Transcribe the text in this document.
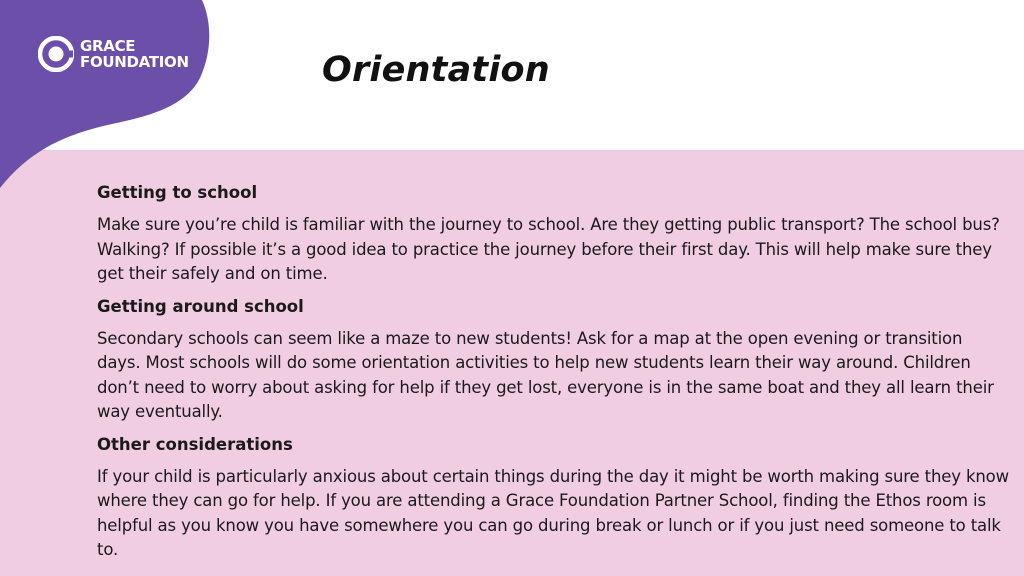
GRACE
FOUNDATION	Orientation
Getting to school

Make sure you’re child is familiar with the journey to school. Are they getting public transport? The school bus? Walking? If possible it’s a good idea to practice the journey before their first day. This will help make sure they get their safely and on time.

Getting around school

Secondary schools can seem like a maze to new students! Ask for a map at the open evening or transition days. Most schools will do some orientation activities to help new students learn their way around. Children don’t need to worry about asking for help if they get lost, everyone is in the same boat and they all learn their way eventually.

Other considerations

If your child is particularly anxious about certain things during the day it might be worth making sure they know where they can go for help. If you are attending a Grace Foundation Partner School, finding the Ethos room is helpful as you know you have somewhere you can go during break or lunch or if you just need someone to talk to.
